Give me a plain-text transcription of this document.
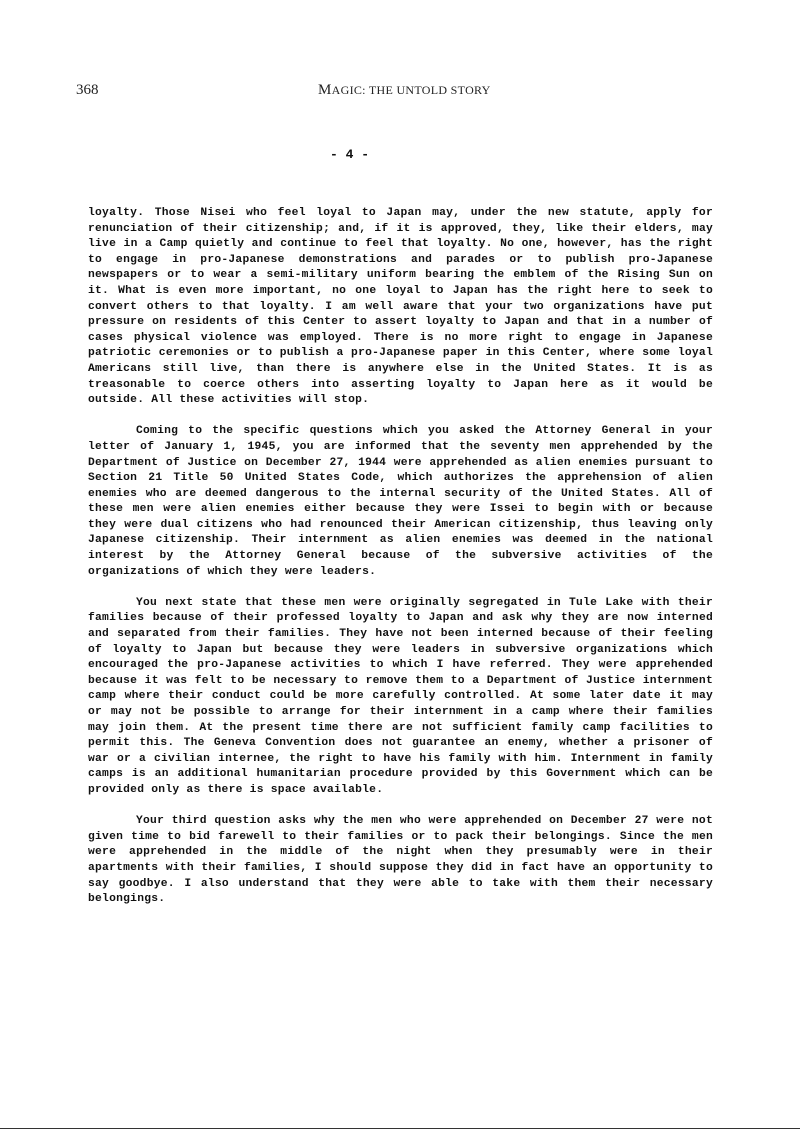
368	MAGIC: THE UNTOLD STORY
- 4 -

loyalty. Those Nisei who feel loyal to Japan may, under the new statute, apply for renunciation of their citizenship; and, if it is approved, they, like their elders, may live in a Camp quietly and continue to feel that loyalty. No one, however, has the right to engage in pro-Japanese demonstrations and parades or to publish pro-Japanese newspapers or to wear a semi-military uniform bearing the emblem of the Rising Sun on it. What is even more important, no one loyal to Japan has the right here to seek to convert others to that loyalty. I am well aware that your two organizations have put pressure on residents of this Center to assert loyalty to Japan and that in a number of cases physical violence was employed. There is no more right to engage in Japanese patriotic ceremonies or to publish a pro-Japanese paper in this Center, where some loyal Americans still live, than there is anywhere else in the United States. It is as treasonable to coerce others into asserting loyalty to Japan here as it would be outside. All these activities will stop.

Coming to the specific questions which you asked the Attorney General in your letter of January 1, 1945, you are informed that the seventy men apprehended by the Department of Justice on December 27, 1944 were apprehended as alien enemies pursuant to Section 21 Title 50 United States Code, which authorizes the apprehension of alien enemies who are deemed dangerous to the internal security of the United States. All of these men were alien enemies either because they were Issei to begin with or because they were dual citizens who had renounced their American citizenship, thus leaving only Japanese citizenship. Their internment as alien enemies was deemed in the national interest by the Attorney General because of the subversive activities of the organizations of which they were leaders.

You next state that these men were originally segregated in Tule Lake with their families because of their professed loyalty to Japan and ask why they are now interned and separated from their families. They have not been interned because of their feeling of loyalty to Japan but because they were leaders in subversive organizations which encouraged the pro-Japanese activities to which I have referred. They were apprehended because it was felt to be necessary to remove them to a Department of Justice internment camp where their conduct could be more carefully controlled. At some later date it may or may not be possible to arrange for their internment in a camp where their families may join them. At the present time there are not sufficient family camp facilities to permit this. The Geneva Convention does not guarantee an enemy, whether a prisoner of war or a civilian internee, the right to have his family with him. Internment in family camps is an additional humanitarian procedure provided by this Government which can be provided only as there is space available.

Your third question asks why the men who were apprehended on December 27 were not given time to bid farewell to their families or to pack their belongings. Since the men were apprehended in the middle of the night when they presumably were in their apartments with their families, I should suppose they did in fact have an opportunity to say goodbye. I also understand that they were able to take with them their necessary belongings.
